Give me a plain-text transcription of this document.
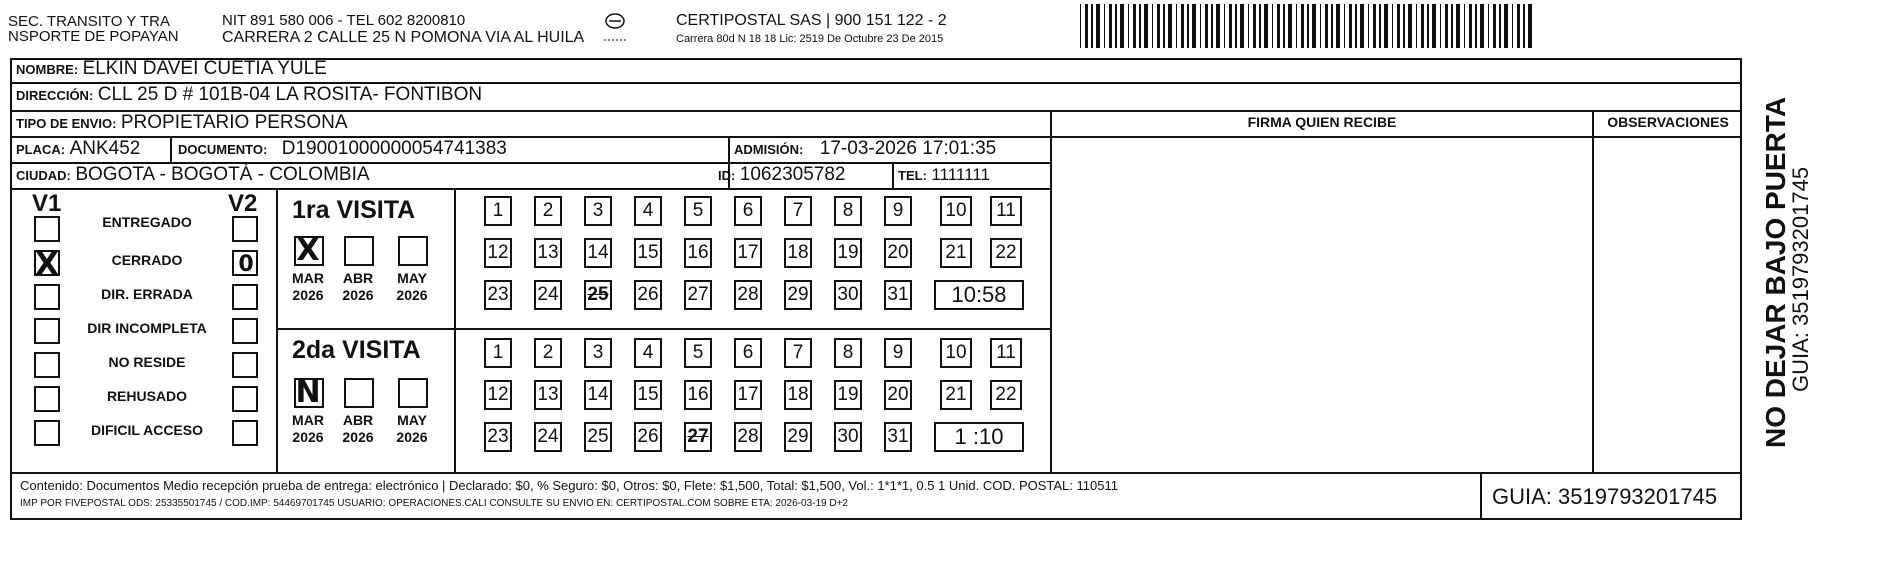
SEC. TRANSITO Y TRA
NSPORTE DE POPAYAN
NIT 891 580 006 - TEL 602 8200810
CARRERA 2 CALLE 25 N POMONA VIA AL HUILA
CERTIPOSTAL SAS | 900 151 122 - 2
Carrera 80d N 18 18 Lic: 2519 De Octubre 23 De 2015
NOMBRE: ELKIN DAVEI CUETIA YULE
DIRECCIÓN: CLL 25 D # 101B-04 LA ROSITA- FONTIBON
TIPO DE ENVIO: PROPIETARIO PERSONA	FIRMA QUIEN RECIBE	OBSERVACIONES
PLACA: ANK452	DOCUMENTO: D19001000000054741383	ADMISIÓN: 17-03-2026 17:01:35
CIUDAD: BOGOTA - BOGOTÁ - COLOMBIA	ID: 1062305782	TEL: 1111111
V1	V2
ENTREGADO
CERRADO
X	0
DIR. ERRADA
DIR INCOMPLETA
NO RESIDE
REHUSADO
DIFICIL ACCESO
1ra VISITA
2da VISITA
MAR
2026
ABR
2026
MAY
2026
X
1	2	3	4	5	6	7	8	9	10	11
12 13 14 15 16 17 18 19 20 21 22
23 24 25 26 27 28 29 30 31	10:58
MAR
2026
ABR
2026
MAY
2026
N
1	2	3	4	5	6	7	8	9	10	11
12 13 14 15 16 17 18 19 20 21 22
23 24 25 26 27 28 29 30 31	1 :10
Contenido: Documentos Medio recepción prueba de entrega: electrónico | Declarado: $0, % Seguro: $0, Otros: $0, Flete: $1,500, Total: $1,500, Vol.: 1*1*1, 0.5 1 Unid. COD. POSTAL: 110511
IMP POR FIVEPOSTAL ODS: 25335501745 / COD.IMP: 54469701745 USUARIO: OPERACIONES.CALI CONSULTE SU ENVIO EN: CERTIPOSTAL.COM SOBRE ETA: 2026-03-19 D+2	GUIA: 3519793201745
NO DEJAR BAJO PUERTA
GUIA: 3519793201745
